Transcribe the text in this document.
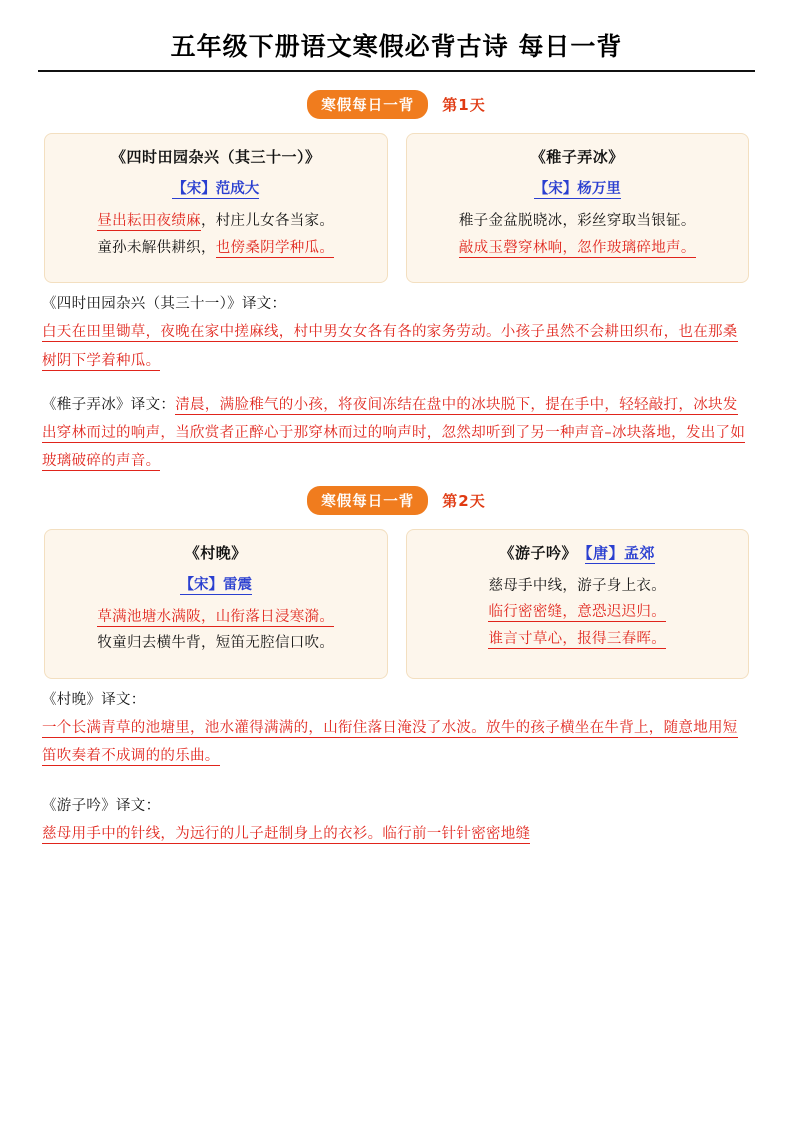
五年级下册语文寒假必背古诗 每日一背
寒假每日一背	第1天
《四时田园杂兴（其三十一）》
【宋】范成大
昼出耘田夜绩麻，村庄儿女各当家。
童孙未解供耕织，也傍桑阴学种瓜。
《稚子弄冰》
【宋】杨万里
稚子金盆脱晓冰，彩丝穿取当银钲。
敲成玉磬穿林响，忽作玻璃碎地声。
《四时田园杂兴（其三十一）》译文：
白天在田里锄草，夜晚在家中搓麻线，村中男女女各有各的家务劳动。小孩子虽然不会耕田织布，也在那桑树阴下学着种瓜。
《稚子弄冰》译文：清晨，满脸稚气的小孩，将夜间冻结在盘中的冰块脱下，提在手中，轻轻敲打，冰块发出穿林而过的响声，当欣赏者正醉心于那穿林而过的响声时，忽然却听到了另一种声音–冰块落地，发出了如玻璃破碎的声音。
寒假每日一背	第2天
《村晚》
【宋】雷震
草满池塘水满陂，山衔落日浸寒漪。
牧童归去横牛背，短笛无腔信口吹。
《游子吟》 【唐】孟郊
慈母手中线，游子身上衣。
临行密密缝，意恐迟迟归。
谁言寸草心，报得三春晖。
《村晚》译文：
一个长满青草的池塘里，池水灌得满满的，山衔住落日淹没了水波。放牛的孩子横坐在牛背上，随意地用短笛吹奏着不成调的的乐曲。
《游子吟》译文：
慈母用手中的针线，为远行的儿子赶制身上的衣衫。临行前一针针密密地缝
